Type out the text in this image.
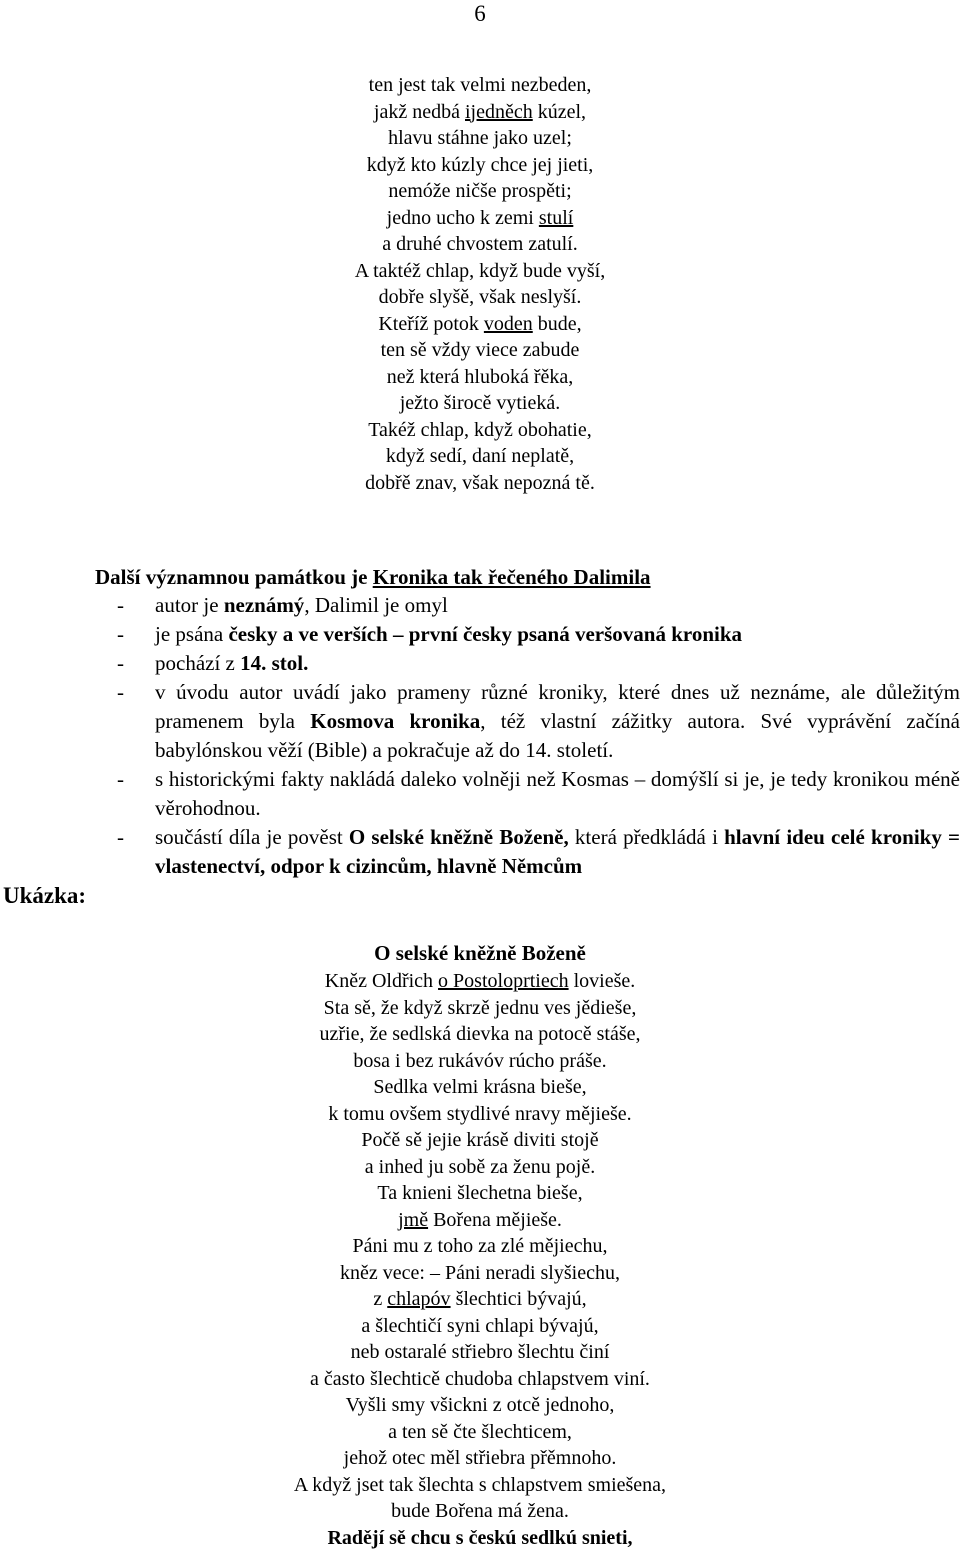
6
ten jest tak velmi nezbeden,
jakž nedbá ijedněch kúzel,
hlavu stáhne jako uzel;
když kto kúzly chce jej jieti,
nemóže ničše prospěti;
jedno ucho k zemi stulí
a druhé chvostem zatulí.
A taktéž chlap, když bude vyší,
dobře slyšě, však neslyší.
Kteříž potok voden bude,
ten sě vždy viece zabude
než která hluboká řěka,
ježto širocě vytieká.
Takéž chlap, když obohatie,
když sedí, daní neplatě,
dobřě znav, však nepozná tě.
Další významnou památkou je Kronika tak řečeného Dalimila
- autor je neznámý, Dalimil je omyl
- je psána česky a ve verších – první česky psaná veršovaná kronika
- pochází z 14. stol.
- v úvodu autor uvádí jako prameny různé kroniky, které dnes už neznáme, ale důležitým pramenem byla Kosmova kronika, též vlastní zážitky autora. Své vyprávění začíná babylónskou věží (Bible) a pokračuje až do 14. století.
- s historickými fakty nakládá daleko volněji než Kosmas – domýšlí si je, je tedy kronikou méně věrohodnou.
- součástí díla je pověst O selské kněžně Boženě, která předkládá i hlavní ideu celé kroniky = vlastenectví, odpor k cizincům, hlavně Němcům
Ukázka:
O selské kněžně Boženě
Kněz Oldřich o Postoloprtiech lovieše.
Sta sě, že když skrzě jednu ves jědieše,
uzřie, že sedlská dievka na potocě stáše,
bosa i bez rukávóv rúcho práše.
Sedlka velmi krásna bieše,
k tomu ovšem stydlivé nravy mějieše.
Počě sě jejie krásě diviti stojě
a inhed ju sobě za ženu pojě.
Ta knieni šlechetna bieše,
jmě Bořena mějieše.
Páni mu z toho za zlé mějiechu,
kněz vece: – Páni neradi slyšiechu,
z chlapóv šlechtici bývajú,
a šlechtičí syni chlapi bývajú,
neb ostaralé střiebro šlechtu činí
a často šlechticě chudoba chlapstvem viní.
Vyšli smy všickni z otcě jednoho,
a ten sě čte šlechticem,
jehož otec měl střiebra přěmnoho.
A když jset tak šlechta s chlapstvem smiešena,
bude Bořena má žena.
Radějí sě chcu s českú sedlkú snieti,
